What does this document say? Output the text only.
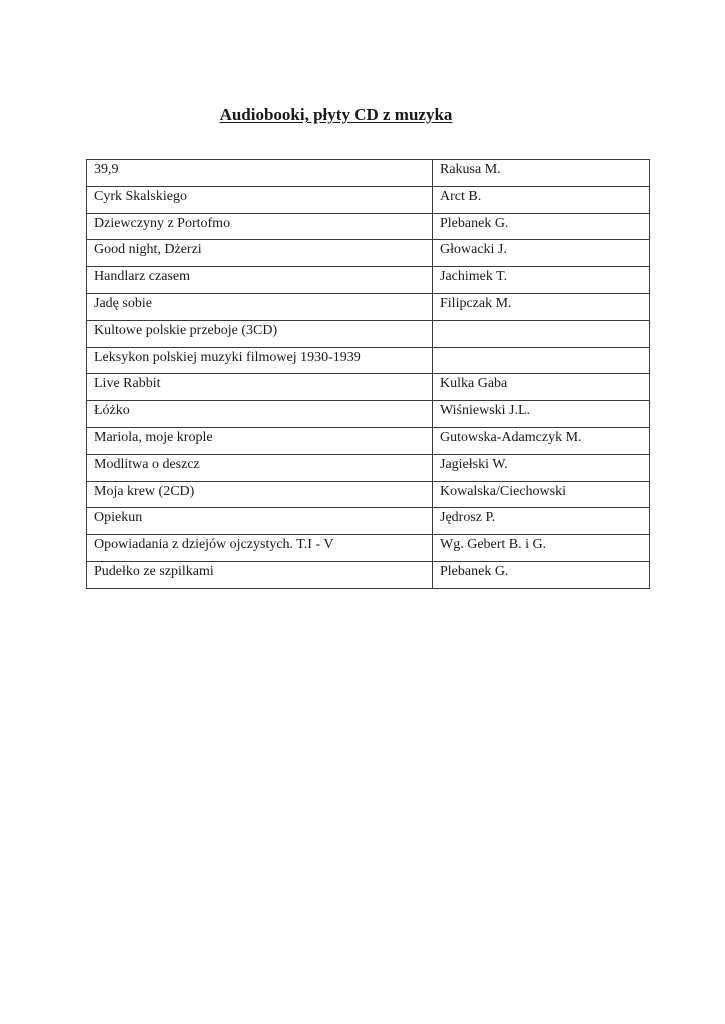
Audiobooki, płyty CD z muzyka
39,9	Rakusa M.
Cyrk Skalskiego	Arct B.
Dziewczyny z Portofmo	Plebanek G.
Good night, Dżerzi	Głowacki J.
Handlarz czasem	Jachimek T.
Jadę sobie	Filipczak M.
Kultowe polskie przeboje (3CD)	
Leksykon polskiej muzyki filmowej 1930-1939	
Live Rabbit	Kulka Gaba
Łóżko	Wiśniewski J.L.
Mariola, moje krople	Gutowska-Adamczyk M.
Modlitwa o deszcz	Jagiełski W.
Moja krew (2CD)	Kowalska/Ciechowski
Opiekun	Jędrosz P.
Opowiadania z dziejów ojczystych. T.I - V	Wg. Gebert B. i G.
Pudełko ze szpilkami	Plebanek G.
